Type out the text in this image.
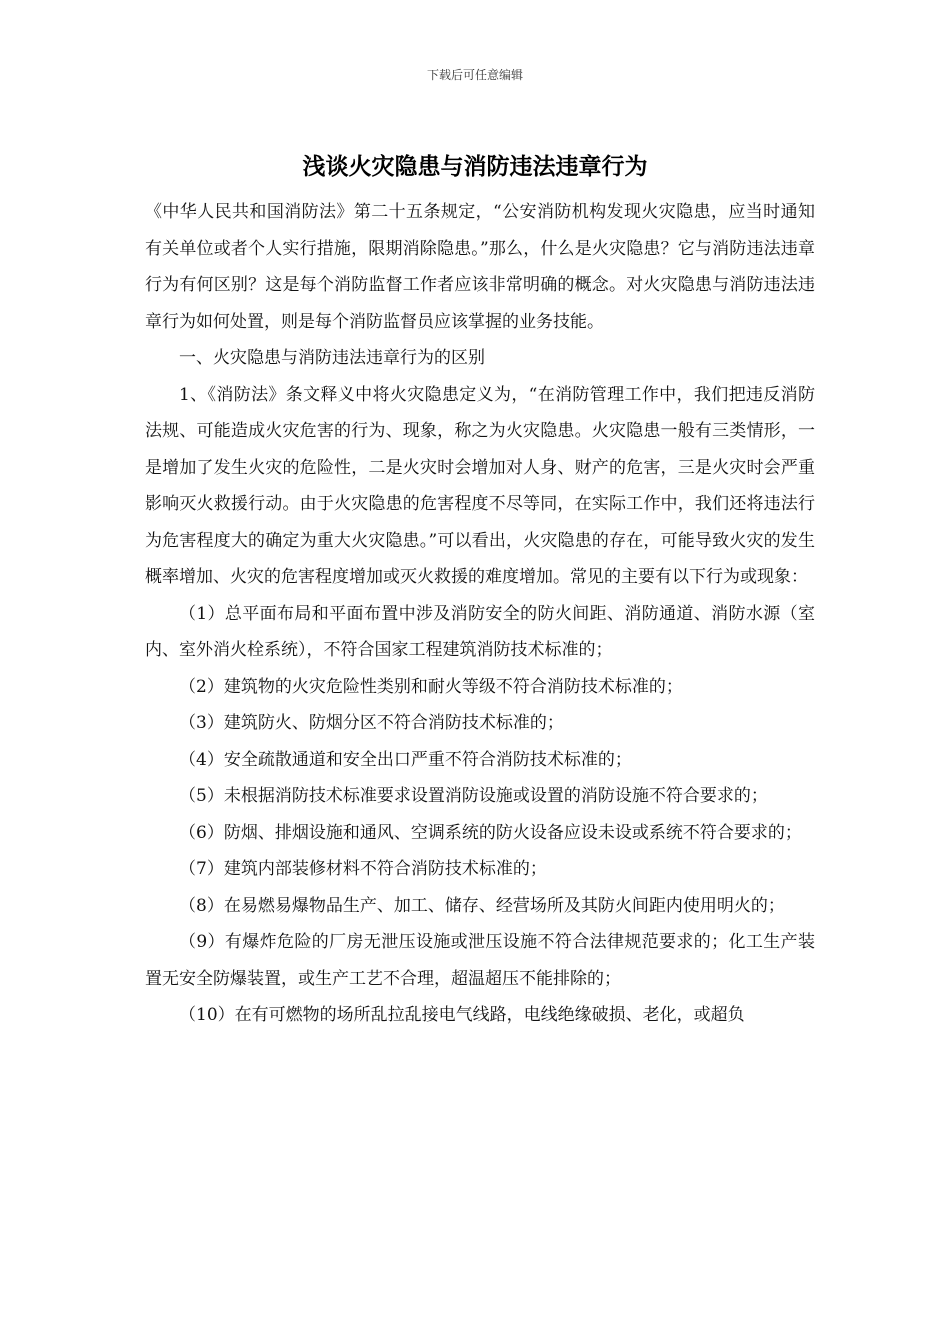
下载后可任意编辑
浅谈火灾隐患与消防违法违章行为

《中华人民共和国消防法》第二十五条规定，“公安消防机构发现火灾隐患，应当时通知有关单位或者个人实行措施，限期消除隐患。”那么，什么是火灾隐患？它与消防违法违章行为有何区别？这是每个消防监督工作者应该非常明确的概念。对火灾隐患与消防违法违章行为如何处置，则是每个消防监督员应该掌握的业务技能。

一、火灾隐患与消防违法违章行为的区别

1、《消防法》条文释义中将火灾隐患定义为，“在消防管理工作中，我们把违反消防法规、可能造成火灾危害的行为、现象，称之为火灾隐患。火灾隐患一般有三类情形，一是增加了发生火灾的危险性，二是火灾时会增加对人身、财产的危害，三是火灾时会严重影响灭火救援行动。由于火灾隐患的危害程度不尽等同，在实际工作中，我们还将违法行为危害程度大的确定为重大火灾隐患。”可以看出，火灾隐患的存在，可能导致火灾的发生概率增加、火灾的危害程度增加或灭火救援的难度增加。常见的主要有以下行为或现象：

（1）总平面布局和平面布置中涉及消防安全的防火间距、消防通道、消防水源（室内、室外消火栓系统），不符合国家工程建筑消防技术标准的；

（2）建筑物的火灾危险性类别和耐火等级不符合消防技术标准的；

（3）建筑防火、防烟分区不符合消防技术标准的；

（4）安全疏散通道和安全出口严重不符合消防技术标准的；

（5）未根据消防技术标准要求设置消防设施或设置的消防设施不符合要求的；

（6）防烟、排烟设施和通风、空调系统的防火设备应设未设或系统不符合要求的；

（7）建筑内部装修材料不符合消防技术标准的；

（8）在易燃易爆物品生产、加工、储存、经营场所及其防火间距内使用明火的；

（9）有爆炸危险的厂房无泄压设施或泄压设施不符合法律规范要求的；化工生产装置无安全防爆装置，或生产工艺不合理，超温超压不能排除的；

（10）在有可燃物的场所乱拉乱接电气线路，电线绝缘破损、老化，或超负
